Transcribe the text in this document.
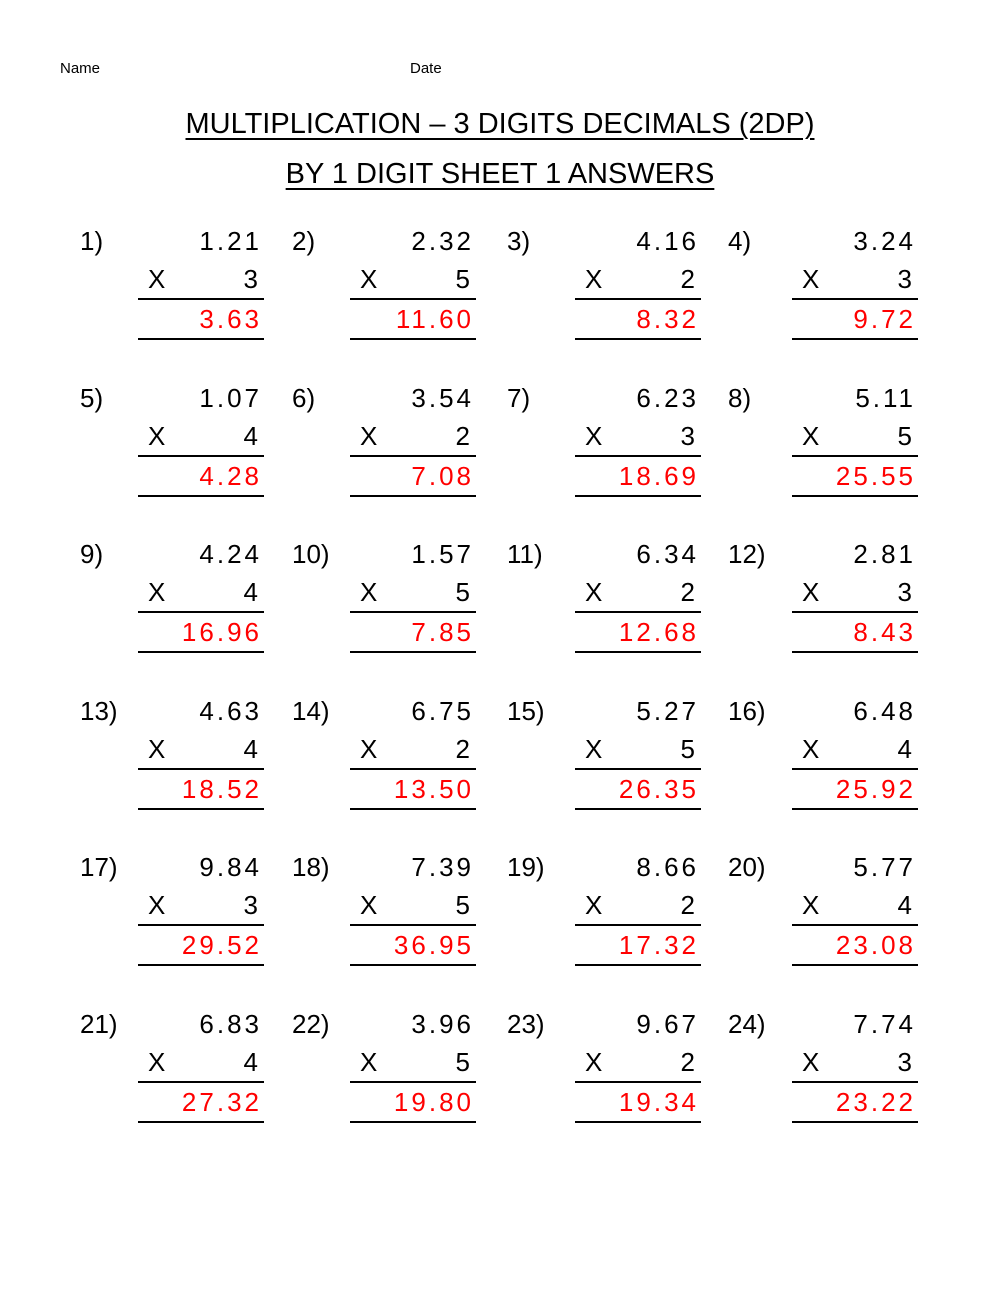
Name	Date
MULTIPLICATION – 3 DIGITS DECIMALS (2DP)
BY 1 DIGIT SHEET 1 ANSWERS
1)	1.21
X	3
3.63
2)	2.32
X	5
11.60
3)	4.16
X	2
8.32
4)	3.24
X	3
9.72
5)	1.07
X	4
4.28
6)	3.54
X	2
7.08
7)	6.23
X	3
18.69
8)	5.11
X	5
25.55
9)	4.24
X	4
16.96
10)	1.57
X	5
7.85
11)	6.34
X	2
12.68
12)	2.81
X	3
8.43
13)	4.63
X	4
18.52
14)	6.75
X	2
13.50
15)	5.27
X	5
26.35
16)	6.48
X	4
25.92
17)	9.84
X	3
29.52
18)	7.39
X	5
36.95
19)	8.66
X	2
17.32
20)	5.77
X	4
23.08
21)	6.83
X	4
27.32
22)	3.96
X	5
19.80
23)	9.67
X	2
19.34
24)	7.74
X	3
23.22
